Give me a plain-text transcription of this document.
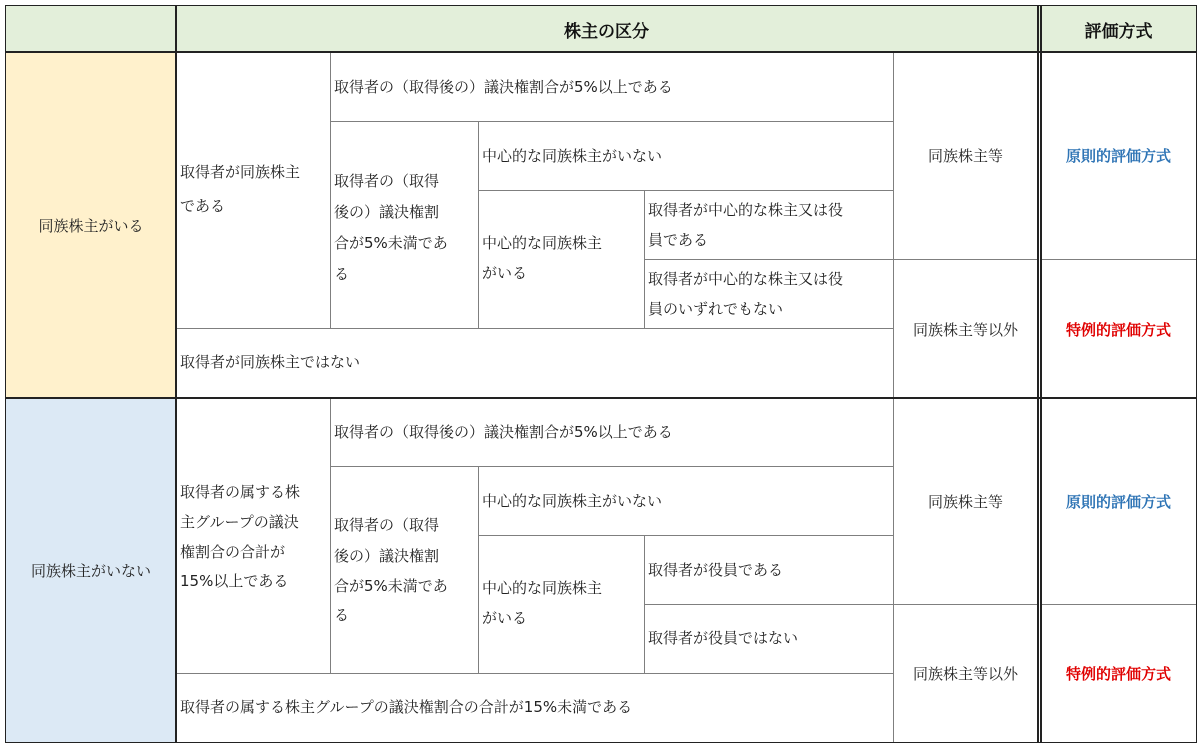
株主の区分	評価方式
同族株主がいる
取得者が同族株主
である
取得者の（取得後の）議決権割合が5%以上である
取得者の（取得
後の）議決権割
合が5%未満であ
る
中心的な同族株主がいない
中心的な同族株主
がいる
取得者が中心的な株主又は役
員である
取得者が中心的な株主又は役
員のいずれでもない
取得者が同族株主ではない
同族株主等
同族株主等以外
原則的評価方式
特例的評価方式
同族株主がいない
取得者の属する株
主グループの議決
権割合の合計が
15%以上である
取得者の（取得後の）議決権割合が5%以上である
取得者の（取得
後の）議決権割
合が5%未満であ
る
中心的な同族株主がいない
中心的な同族株主
がいる
取得者が役員である
取得者が役員ではない
取得者の属する株主グループの議決権割合の合計が15%未満である
同族株主等
同族株主等以外
原則的評価方式
特例的評価方式
